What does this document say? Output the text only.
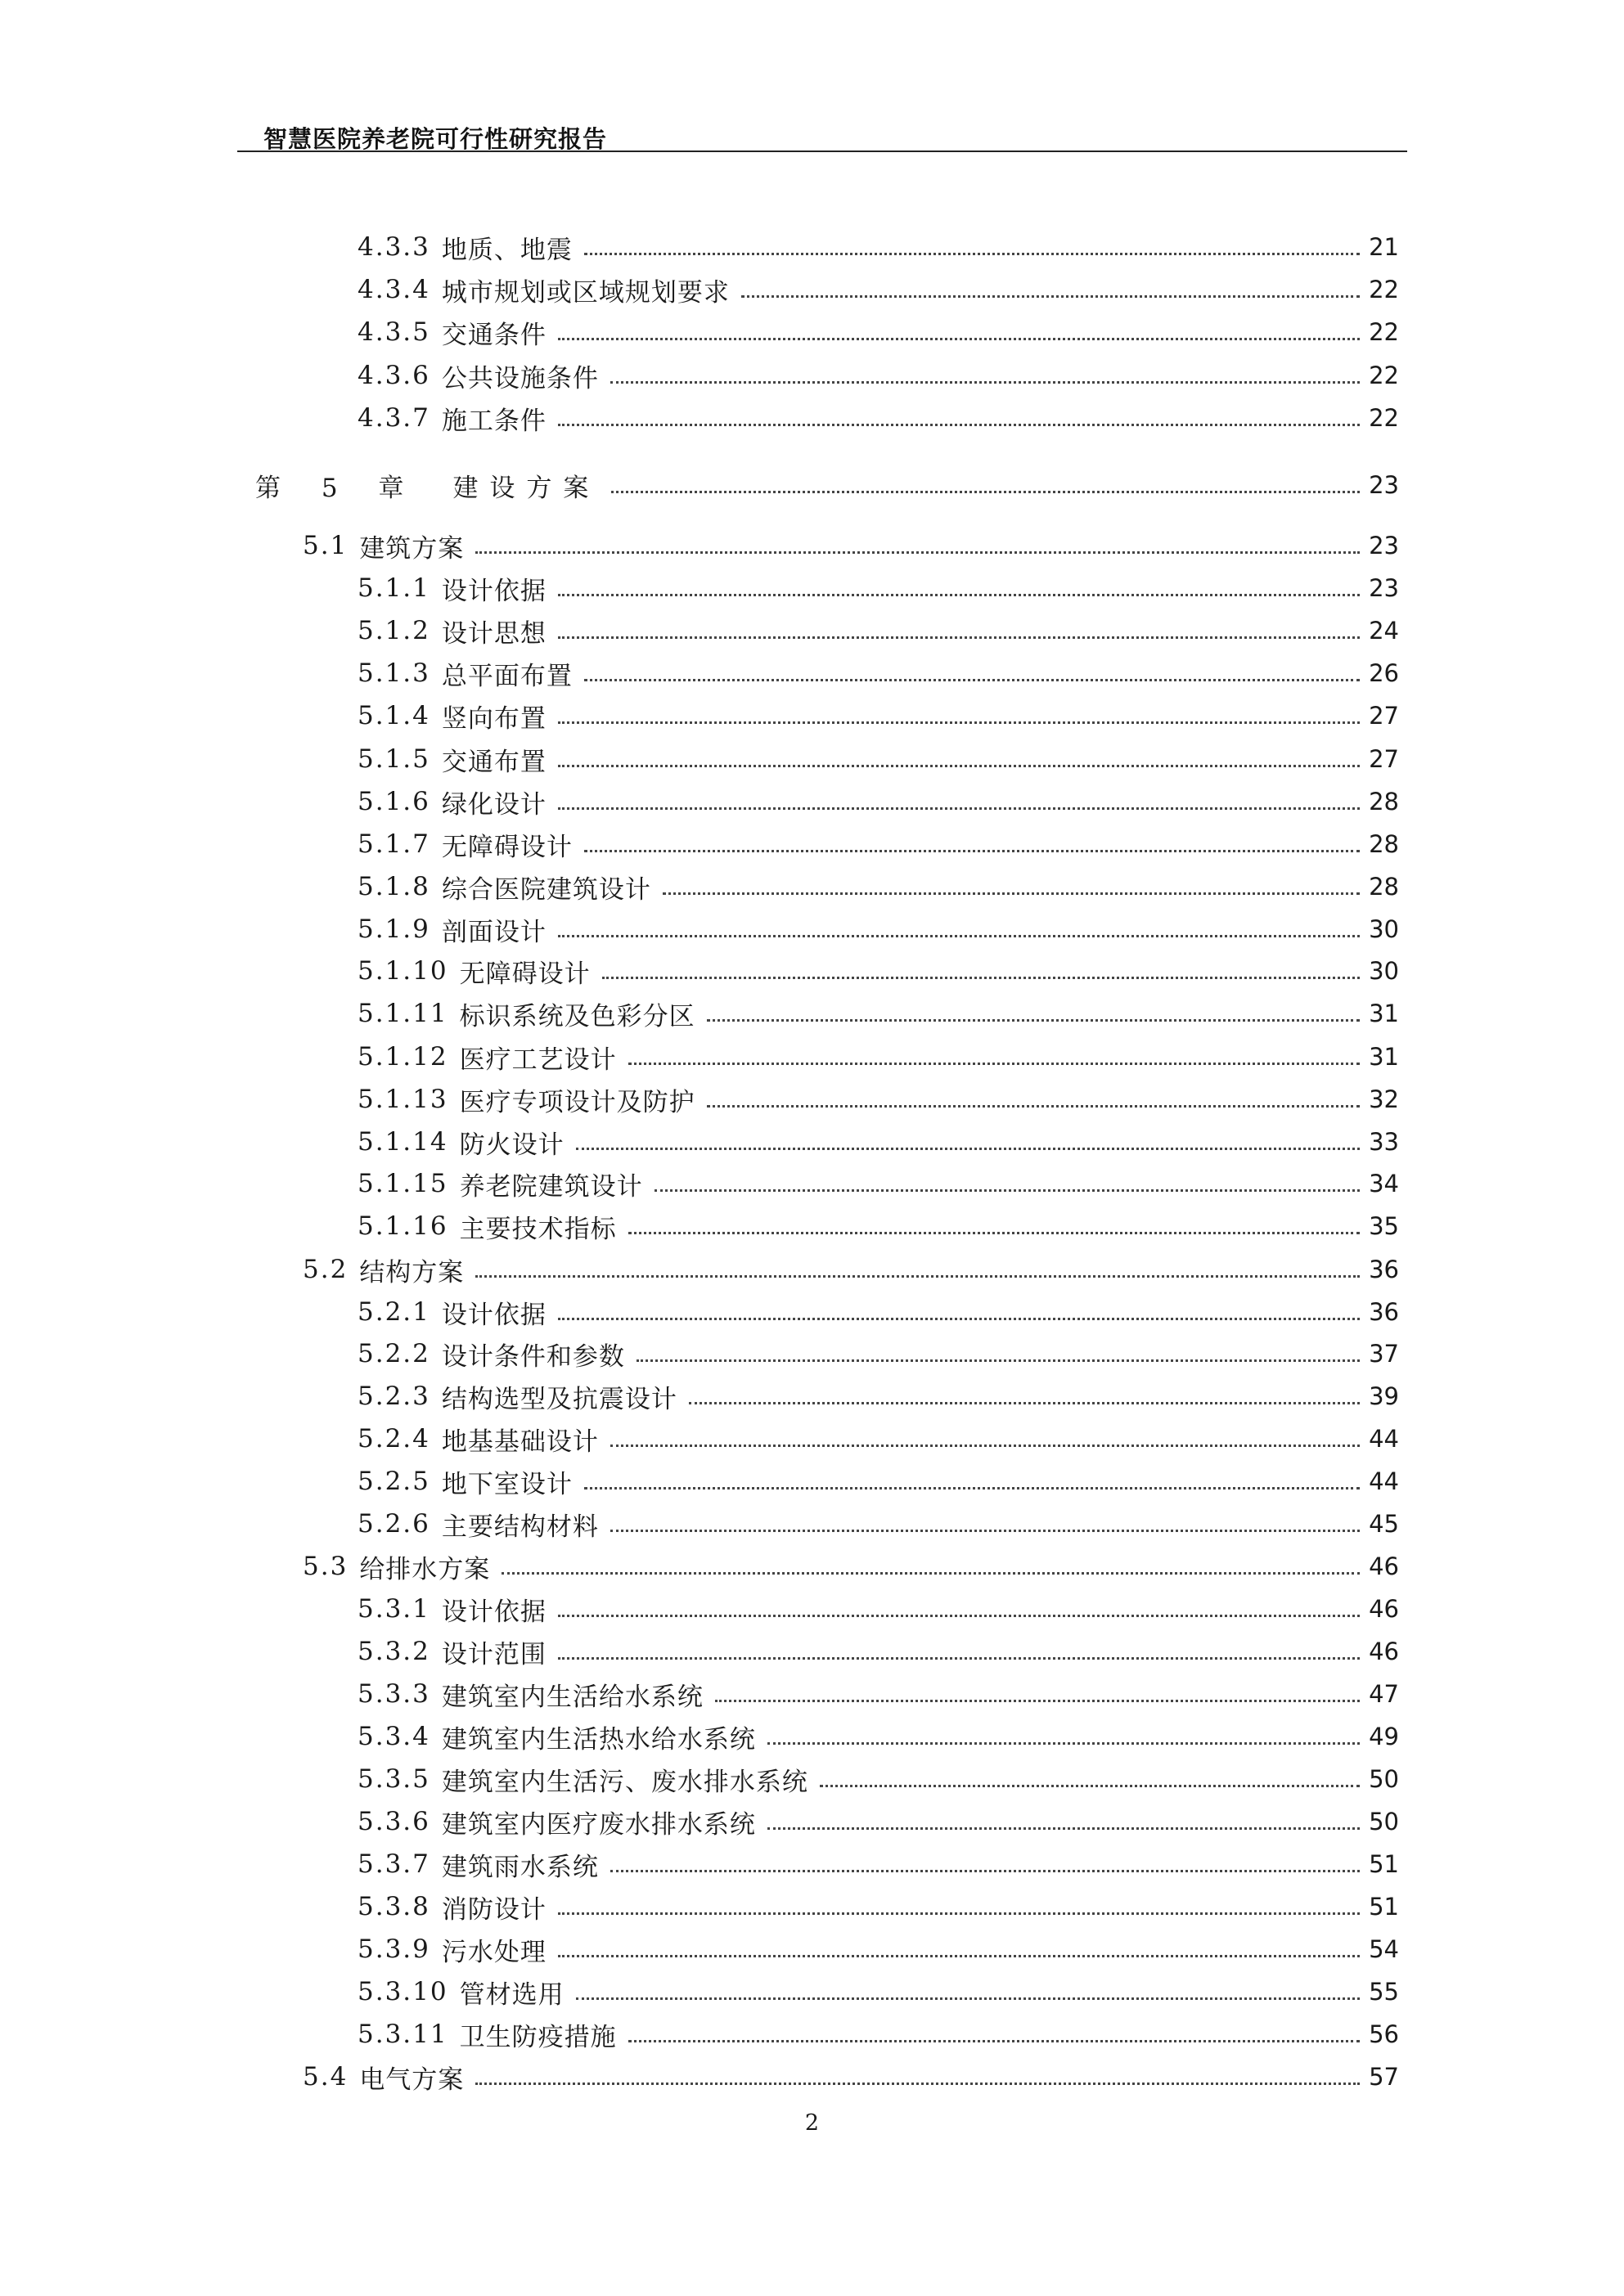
智慧医院养老院可行性研究报告
4.3.3 地质、地震	21
4.3.4 城市规划或区域规划要求	22
4.3.5 交通条件	22
4.3.6 公共设施条件	22
4.3.7 施工条件	22
第 5 章 建设方案	23
5.1 建筑方案	23
5.1.1 设计依据	23
5.1.2 设计思想	24
5.1.3 总平面布置	26
5.1.4 竖向布置	27
5.1.5 交通布置	27
5.1.6 绿化设计	28
5.1.7 无障碍设计	28
5.1.8 综合医院建筑设计	28
5.1.9 剖面设计	30
5.1.10 无障碍设计	30
5.1.11 标识系统及色彩分区	31
5.1.12 医疗工艺设计	31
5.1.13 医疗专项设计及防护	32
5.1.14 防火设计	33
5.1.15 养老院建筑设计	34
5.1.16 主要技术指标	35
5.2 结构方案	36
5.2.1 设计依据	36
5.2.2 设计条件和参数	37
5.2.3 结构选型及抗震设计	39
5.2.4 地基基础设计	44
5.2.5 地下室设计	44
5.2.6 主要结构材料	45
5.3 给排水方案	46
5.3.1 设计依据	46
5.3.2 设计范围	46
5.3.3 建筑室内生活给水系统	47
5.3.4 建筑室内生活热水给水系统	49
5.3.5 建筑室内生活污、废水排水系统	50
5.3.6 建筑室内医疗废水排水系统	50
5.3.7 建筑雨水系统	51
5.3.8 消防设计	51
5.3.9 污水处理	54
5.3.10 管材选用	55
5.3.11 卫生防疫措施	56
5.4 电气方案	57
2
